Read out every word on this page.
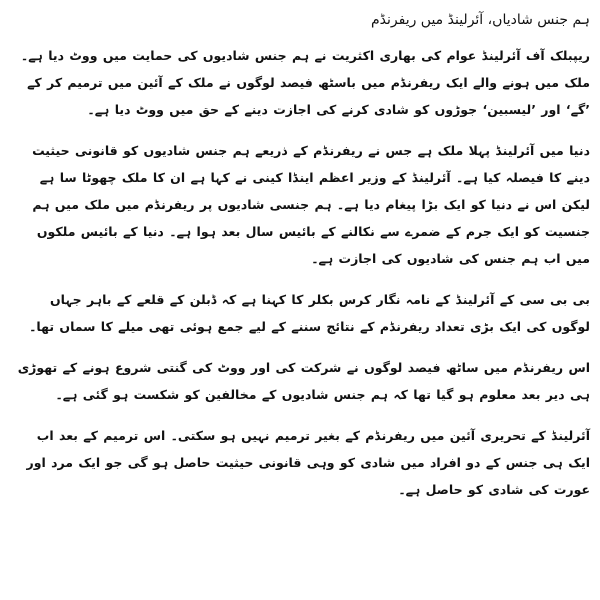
ہم جنس شادیاں، آئرلینڈ میں ریفرنڈم
ریپبلک آف آئرلینڈ عوام کی بھاری اکثریت نے ہم جنس شادیوں کی حمایت میں ووٹ دیا ہے۔ ملک میں ہونے والے ایک ریفرنڈم میں باسٹھ فیصد لوگوں نے ملک کے آئین میں ترمیم کر کے ’گے‘ اور ’لیسبین‘ جوڑوں کو شادی کرنے کی اجازت دینے کے حق میں ووٹ دیا ہے۔
دنیا میں آئرلینڈ پہلا ملک ہے جس نے ریفرنڈم کے ذریعے ہم جنس شادیوں کو قانونی حیثیت دینے کا فیصلہ کیا ہے۔ آئرلینڈ کے وزیر اعظم اینڈا کینی نے کہا ہے ان کا ملک چھوٹا سا ہے لیکن اس نے دنیا کو ایک بڑا پیغام دیا ہے۔ ہم جنسی شادیوں پر ریفرنڈم میں ملک میں ہم جنسیت کو ایک جرم کے ضمرے سے نکالنے کے بائیس سال بعد ہوا ہے۔ دنیا کے بائیس ملکوں میں اب ہم جنس کی شادیوں کی اجازت ہے۔
بی بی سی کے آئرلینڈ کے نامہ نگار کرس بکلر کا کہنا ہے کہ ڈبلن کے قلعے کے باہر جہاں لوگوں کی ایک بڑی تعداد ریفرنڈم کے نتائج سننے کے لیے جمع ہوئی تھی میلے کا سماں تھا۔
اس ریفرنڈم میں ساٹھ فیصد لوگوں نے شرکت کی اور ووٹ کی گنتی شروع ہونے کے تھوڑی ہی دیر بعد معلوم ہو گیا تھا کہ ہم جنس شادیوں کے مخالفین کو شکست ہو گئی ہے۔
آئرلینڈ کے تحریری آئین میں ریفرنڈم کے بغیر ترمیم نہیں ہو سکتی۔ اس ترمیم کے بعد اب ایک ہی جنس کے دو افراد میں شادی کو وہی قانونی حیثیت حاصل ہو گی جو ایک مرد اور عورت کی شادی کو حاصل ہے۔
